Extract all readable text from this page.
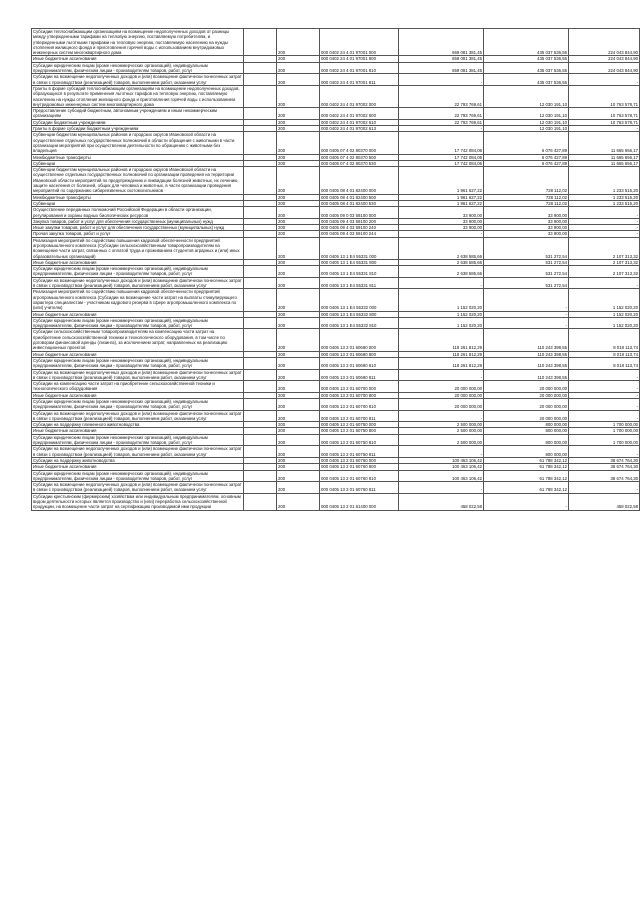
Субсидии теплоснабжающим организациям на возмещение недополученных доходов от разницы между утвержденными тарифами на тепловую энергию, поставляемую потребителям, и утвержденными льготными тарифами на тепловую энергию, поставляемую населению на нужды отопления жилищного фонда и приготовления горячей воды с использованием внутридомовых инженерных систем многоквартирного дома		200	000 0402 24 4 01 97001 000	659 081 381,45	435 037 536,55	224 043 844,90
Иные бюджетные ассигнования		200	000 0402 24 4 01 97001 800	659 081 381,45	435 037 536,55	224 043 844,90
Субсидии юридическим лицам (кроме некоммерческих организаций), индивидуальным предпринимателям, физическим лицам - производителям товаров, работ, услуг		200	000 0402 24 4 01 97001 810	659 081 381,45	435 037 536,55	224 043 844,90
Субсидии на возмещение недополученных доходов и (или) возмещение фактически понесенных затрат в связи с производством (реализацией) товаров, выполнением работ, оказанием услуг		200	000 0402 24 4 01 97001 811	-	435 037 536,55	-
Гранты в форме субсидий теплоснабжающим организациям на возмещение недополученных доходов, образующихся в результате применения льготных тарифов на тепловую энергию, поставляемую населению на нужды отопления жилищного фонда и приготовления горячей воды с использованием внутридомовых инженерных систем многоквартирного дома		200	000 0402 24 4 01 97002 000	22 793 769,61	12 030 191,10	10 763 578,71
Предоставление субсидий бюджетным, автономным учреждениям и иным некоммерческим организациям		200	000 0402 24 4 01 97002 600	22 793 769,61	12 030 191,10	10 763 578,71
Субсидии бюджетным учреждениям		200	000 0402 24 4 01 97002 610	22 793 769,61	12 030 191,10	10 763 578,71
Гранты в форме субсидии бюджетным учреждениям		200	000 0402 24 4 01 97002 613	-	12 030 191,10	-
Субвенции бюджетам муниципальных районов и городских округов Ивановской области на осуществление отдельных государственных полномочий в области обращения с животными в части организации мероприятий при осуществлении деятельности по обращению с животными без владельцев		200	000 0405 07 4 02 80370 000	17 742 084,06	6 076 427,89	11 665 656,17
Межбюджетные трансферты		200	000 0405 07 4 02 80370 500	17 742 084,06	6 076 427,89	11 665 656,17
Субвенции		200	000 0405 07 4 02 80370 530	17 742 084,06	6 076 427,89	11 665 656,17
Субвенции бюджетам муниципальных районов и городских округов Ивановской области на осуществление отдельных государственных полномочий по организации проведения на территории Ивановской области мероприятий по предупреждению и ликвидации болезней животных, их лечению, защите населения от болезней, общих для человека и животных, в части организации проведения мероприятий по содержанию сибиреязвенных скотомогильников		200	000 0405 08 4 01 82400 000	1 961 627,22	728 112,02	1 233 515,20
Межбюджетные трансферты		200	000 0405 08 4 01 82400 500	1 961 627,22	728 112,02	1 233 515,20
Субвенции		200	000 0405 08 4 01 82400 530	1 961 627,22	728 112,02	1 233 515,20
Осуществление переданных полномочий Российской Федерации в области организации, регулирования и охраны водных биологических ресурсов		200	000 0405 09 0 03 59100 000	33 900,00	33 900,00	-
Закупка товаров, работ и услуг для обеспечения государственных (муниципальных) нужд		200	000 0405 09 4 03 59100 200	33 900,00	33 900,00	-
Иные закупки товаров, работ и услуг для обеспечения государственных (муниципальных) нужд		200	000 0405 09 4 03 59100 240	33 900,00	33 900,00	-
Прочая закупка товаров, работ и услуг		200	000 0405 09 4 03 59100 244	-	33 900,00	-
Реализация мероприятий по содействию повышения кадровой обеспеченности предприятий агропромышленного комплекса (Субсидии сельскохозяйственным товаропроизводителям на возмещение части затрат, связанных с оплатой труда и проживанием студентов аграрных и (или) иных образовательных организаций)		200	000 0405 13 1 Е4 55331 000	2 638 585,66	531 272,54	2 107 313,32
Иные бюджетные ассигнования		200	000 0405 13 1 Е4 55331 800	2 638 585,66	531 272,54	2 107 313,32
Субсидии юридическим лицам (кроме некоммерческих организаций), индивидуальным предпринимателям, физическим лицам - производителям товаров, работ, услуг		200	000 0405 13 1 Е4 55331 810	2 638 585,66	531 272,54	2 107 313,32
Субсидии на возмещение недополученных доходов и (или) возмещение фактически понесенных затрат в связи с производством (реализацией) товаров, выполнением работ, оказанием услуг		200	000 0405 13 1 Е4 55331 811	-	531 272,54	-
Реализация мероприятий по содействию повышения кадровой обеспеченности предприятий агропромышленного комплекса (Субсидии на возмещение части затрат на выплаты стимулирующего характера специалистам - участникам кадрового резерва в сфере агропромышленного комплекса по (или) учителю)		200	000 0405 13 1 Е4 55332 000	1 152 020,20	-	1 152 020,20
Иные бюджетные ассигнования		200	000 0405 13 1 Е4 55332 800	1 152 020,20	-	1 152 020,20
Субсидии юридическим лицам (кроме некоммерческих организаций), индивидуальным предпринимателям, физическим лицам - производителям товаров, работ, услуг		200	000 0405 13 1 Е4 55332 810	1 152 020,20	-	1 152 020,20
Субсидии сельскохозяйственным товаропроизводителям на компенсацию части затрат на приобретение сельскохозяйственной техники и технологического оборудования, в том числе по договорам финансовой аренды (лизинга), за исключением затрат, направленных на реализацию инвестиционных проектов		200	000 0405 13 2 01 60690 000	118 261 812,29	110 243 398,55	8 018 113,74
Иные бюджетные ассигнования		200	000 0405 13 2 01 60690 800	118 261 812,29	110 243 398,55	8 018 113,74
Субсидии юридическим лицам (кроме некоммерческих организаций), индивидуальным предпринимателям, физическим лицам - производителям товаров, работ, услуг		200	000 0405 13 2 01 60690 810	118 261 812,29	110 243 398,55	8 018 113,74
Субсидии на возмещение недополученных доходов и (или) возмещение фактически понесенных затрат в связи с производством (реализацией) товаров, выполнением работ, оказанием услуг		200	000 0405 13 2 01 60690 811	-	110 243 398,55	-
Субсидии на компенсацию части затрат на приобретение сельскохозяйственной техники и технологического оборудования		200	000 0405 13 2 01 60700 000	20 000 000,00	20 000 000,00	-
Иные бюджетные ассигнования		200	000 0405 13 2 01 60700 800	20 000 000,00	20 000 000,00	-
Субсидии юридическим лицам (кроме некоммерческих организаций), индивидуальным предпринимателям, физическим лицам - производителям товаров, работ, услуг		200	000 0405 13 2 01 60700 810	20 000 000,00	20 000 000,00	-
Субсидии на возмещение недополученных доходов и (или) возмещение фактически понесенных затрат в связи с производством (реализацией) товаров, выполнением работ, оказанием услуг		200	000 0405 13 2 01 60700 811	-	20 000 000,00	-
Субсидии на поддержку племенного животноводства		200	000 0405 13 2 01 60750 000	2 500 000,00	800 000,00	1 700 000,00
Иные бюджетные ассигнования		200	000 0405 13 2 01 60750 800	2 500 000,00	800 000,00	1 700 000,00
Субсидии юридическим лицам (кроме некоммерческих организаций), индивидуальным предпринимателям, физическим лицам - производителям товаров, работ, услуг		200	000 0405 13 2 01 60750 810	2 500 000,00	800 000,00	1 700 000,00
Субсидии на возмещение недополученных доходов и (или) возмещение фактически понесенных затрат в связи с производством (реализацией) товаров, выполнением работ, оказанием услуг		200	000 0405 13 2 01 60750 811	-	800 000,00	-
Субсидии на поддержку животноводства		200	000 0405 13 2 01 60760 000	100 463 106,42	61 788 342,12	38 674 764,30
Иные бюджетные ассигнования		200	000 0405 13 2 01 60760 800	100 463 106,42	61 788 342,12	38 674 764,30
Субсидии юридическим лицам (кроме некоммерческих организаций), индивидуальным предпринимателям, физическим лицам - производителям товаров, работ, услуг		200	000 0405 13 2 01 60760 810	100 463 106,42	61 788 342,12	38 674 764,30
Субсидии на возмещение недополученных доходов и (или) возмещение фактически понесенных затрат в связи с производством (реализацией) товаров, выполнением работ, оказанием услуг		200	000 0405 13 2 01 60760 811	-	61 788 342,12	-
Субсидии крестьянским (фермерским) хозяйствам или индивидуальным предпринимателям, основным видом деятельности которых является производство и (или) переработка сельскохозяйственной продукции, на возмещение части затрат на сертификацию производимой ими продукции		200	000 0405 13 2 01 61400 000	458 022,58	-	458 022,58
